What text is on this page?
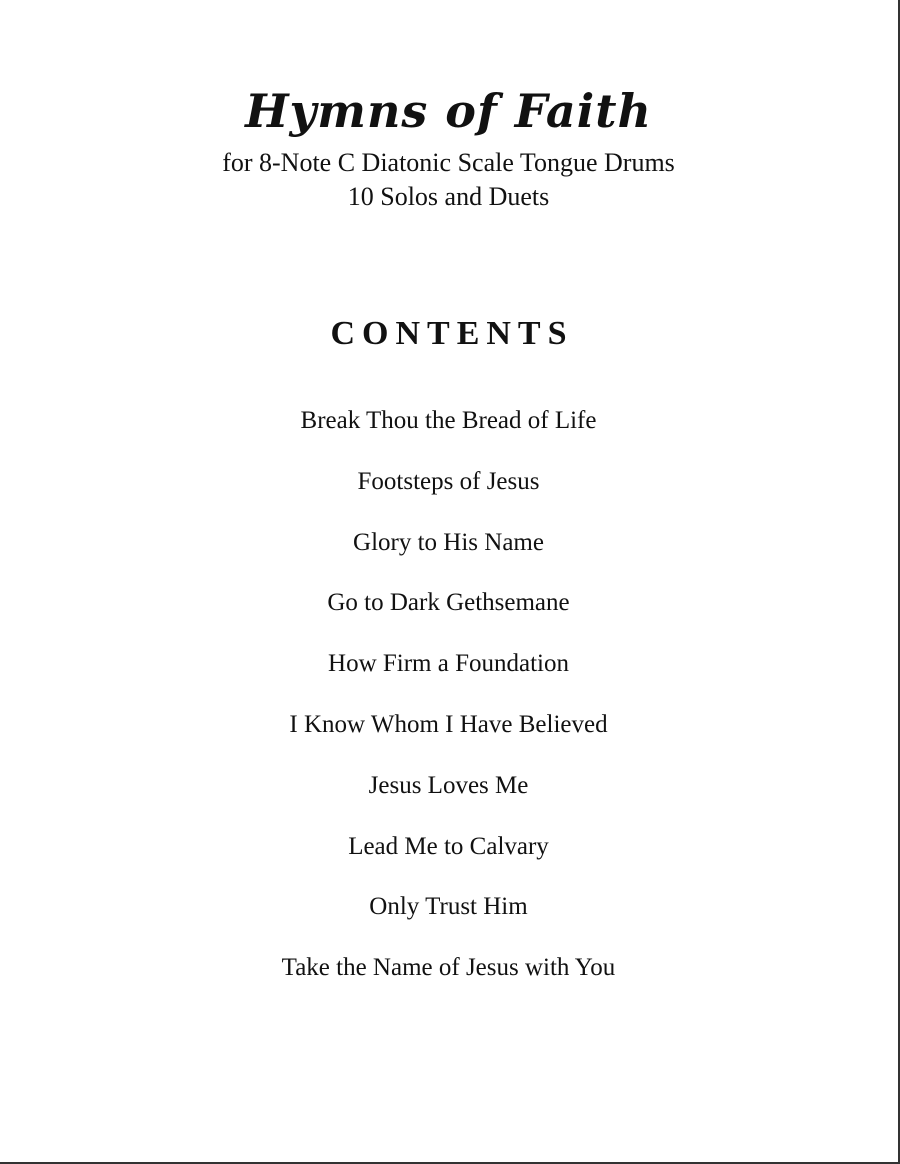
Hymns of Faith

for 8-Note C Diatonic Scale Tongue Drums

10 Solos and Duets

CONTENTS
Break Thou the Bread of Life
Footsteps of Jesus
Glory to His Name
Go to Dark Gethsemane
How Firm a Foundation
I Know Whom I Have Believed
Jesus Loves Me
Lead Me to Calvary
Only Trust Him
Take the Name of Jesus with You
